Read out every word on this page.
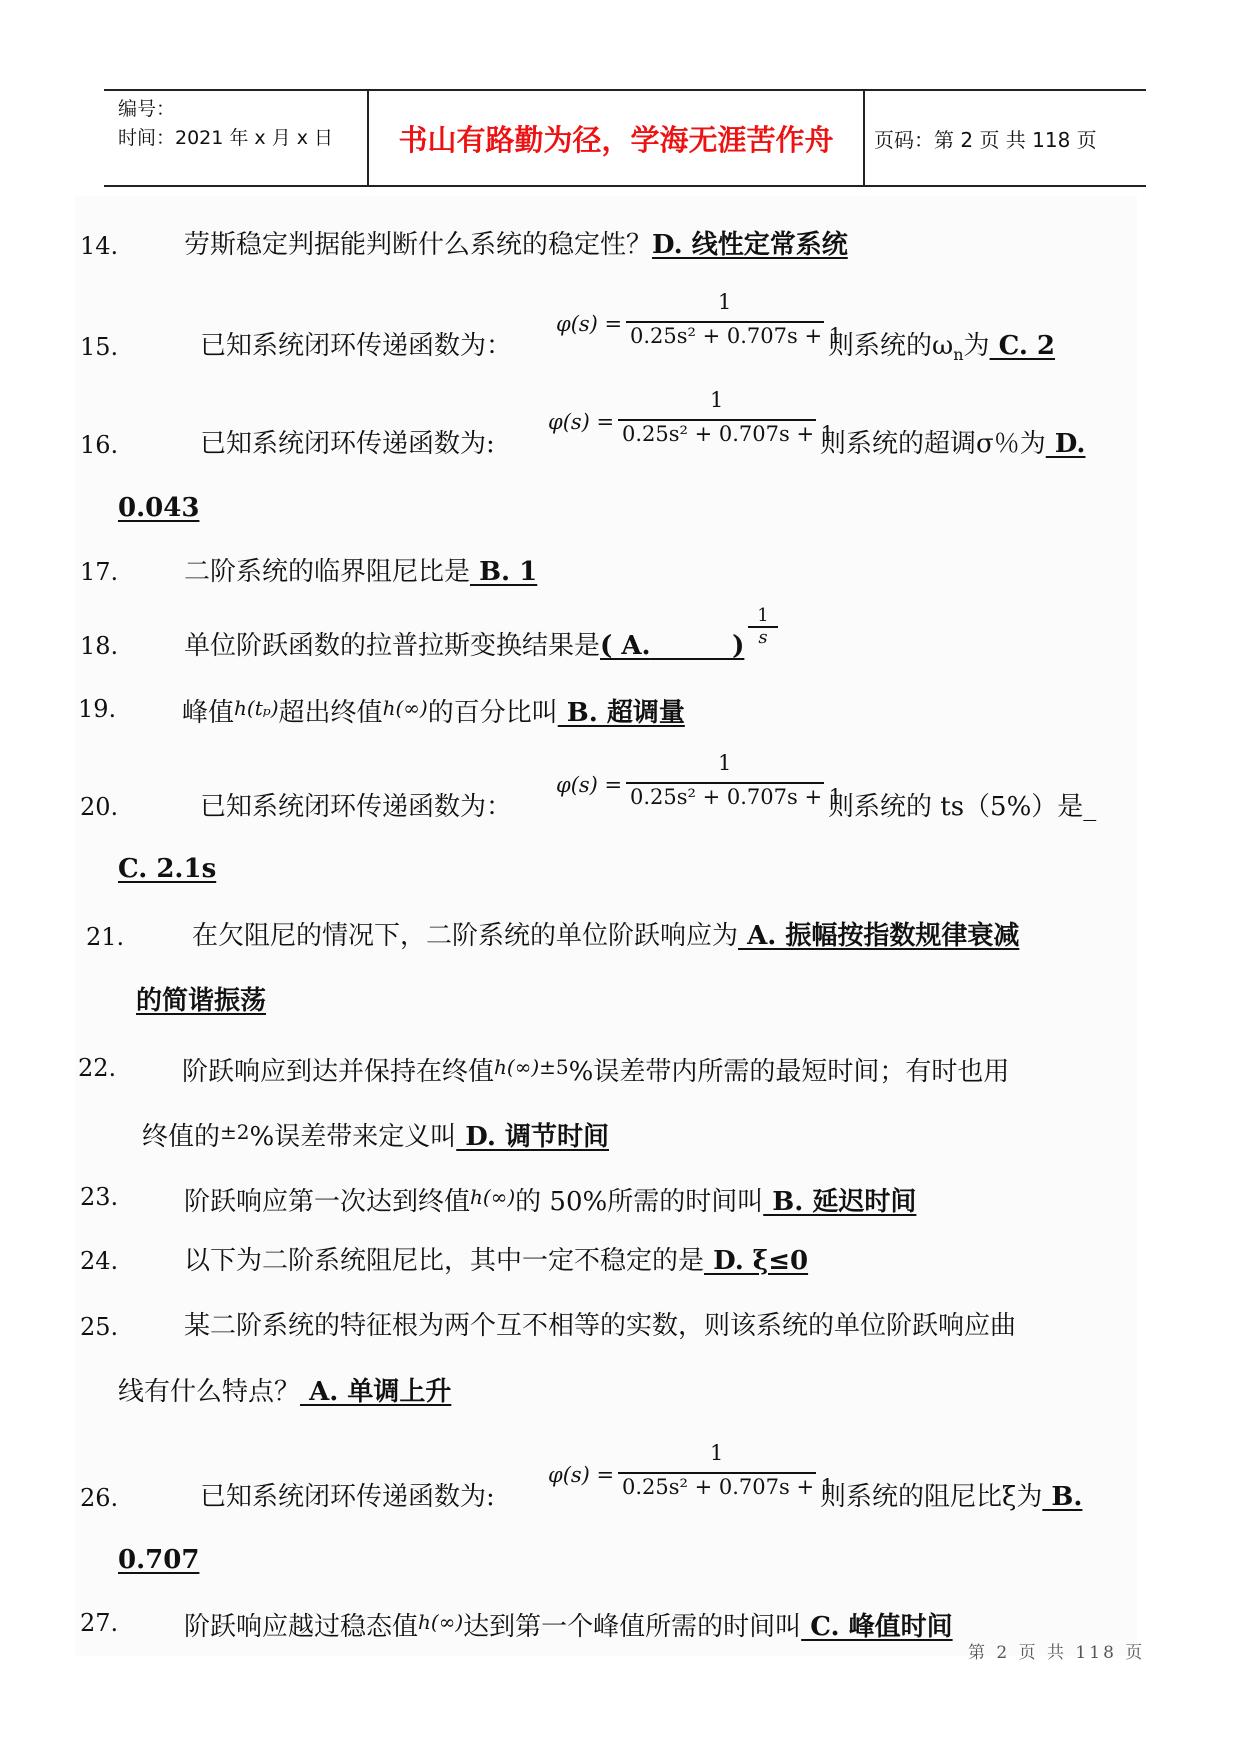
编号：
时间：2021 年 x 月 x 日	书山有路勤为径，学海无涯苦作舟	页码：第 2 页 共 118 页
14.	劳斯稳定判据能判断什么系统的稳定性？D. 线性定常系统
15.	已知系统闭环传递函数为：
φ(s) =
1
0.25s² + 0.707s + 1
则系统的$\omega_n$为 C. 2
16.	已知系统闭环传递函数为:
φ(s) =
1
0.25s² + 0.707s + 1
则系统的超调σ％为 D.
0.043
17.	二阶系统的临界阻尼比是 B. 1
18.	单位阶跃函数的拉普拉斯变换结果是( A.	)
1
s
19.	峰值$^{h(t_p)}$超出终值$^{h(\infty)}$的百分比叫 B. 超调量
20.	已知系统闭环传递函数为：
φ(s) =
1
0.25s² + 0.707s + 1
则系统的 ts（5%）是_
C. 2.1s
21.	在欠阻尼的情况下，二阶系统的单位阶跃响应为 A. 振幅按指数规律衰减
的简谐振荡
22.	阶跃响应到达并保持在终值$^{h(\infty)\pm 5}$%误差带内所需的最短时间；有时也用
终值的$^{\pm 2}$%误差带来定义叫 D. 调节时间
23.	阶跃响应第一次达到终值$^{h(\infty)}$的 50%所需的时间叫 B. 延迟时间
24.	以下为二阶系统阻尼比，其中一定不稳定的是 D. ξ≤0
25.	某二阶系统的特征根为两个互不相等的实数，则该系统的单位阶跃响应曲
线有什么特点？ A. 单调上升
26.	已知系统闭环传递函数为:
φ(s) =
1
0.25s² + 0.707s + 1
则系统的阻尼比ξ为 B.
0.707
27.	阶跃响应越过稳态值$^{h(\infty)}$达到第一个峰值所需的时间叫 C. 峰值时间
第 2 页 共 118 页
